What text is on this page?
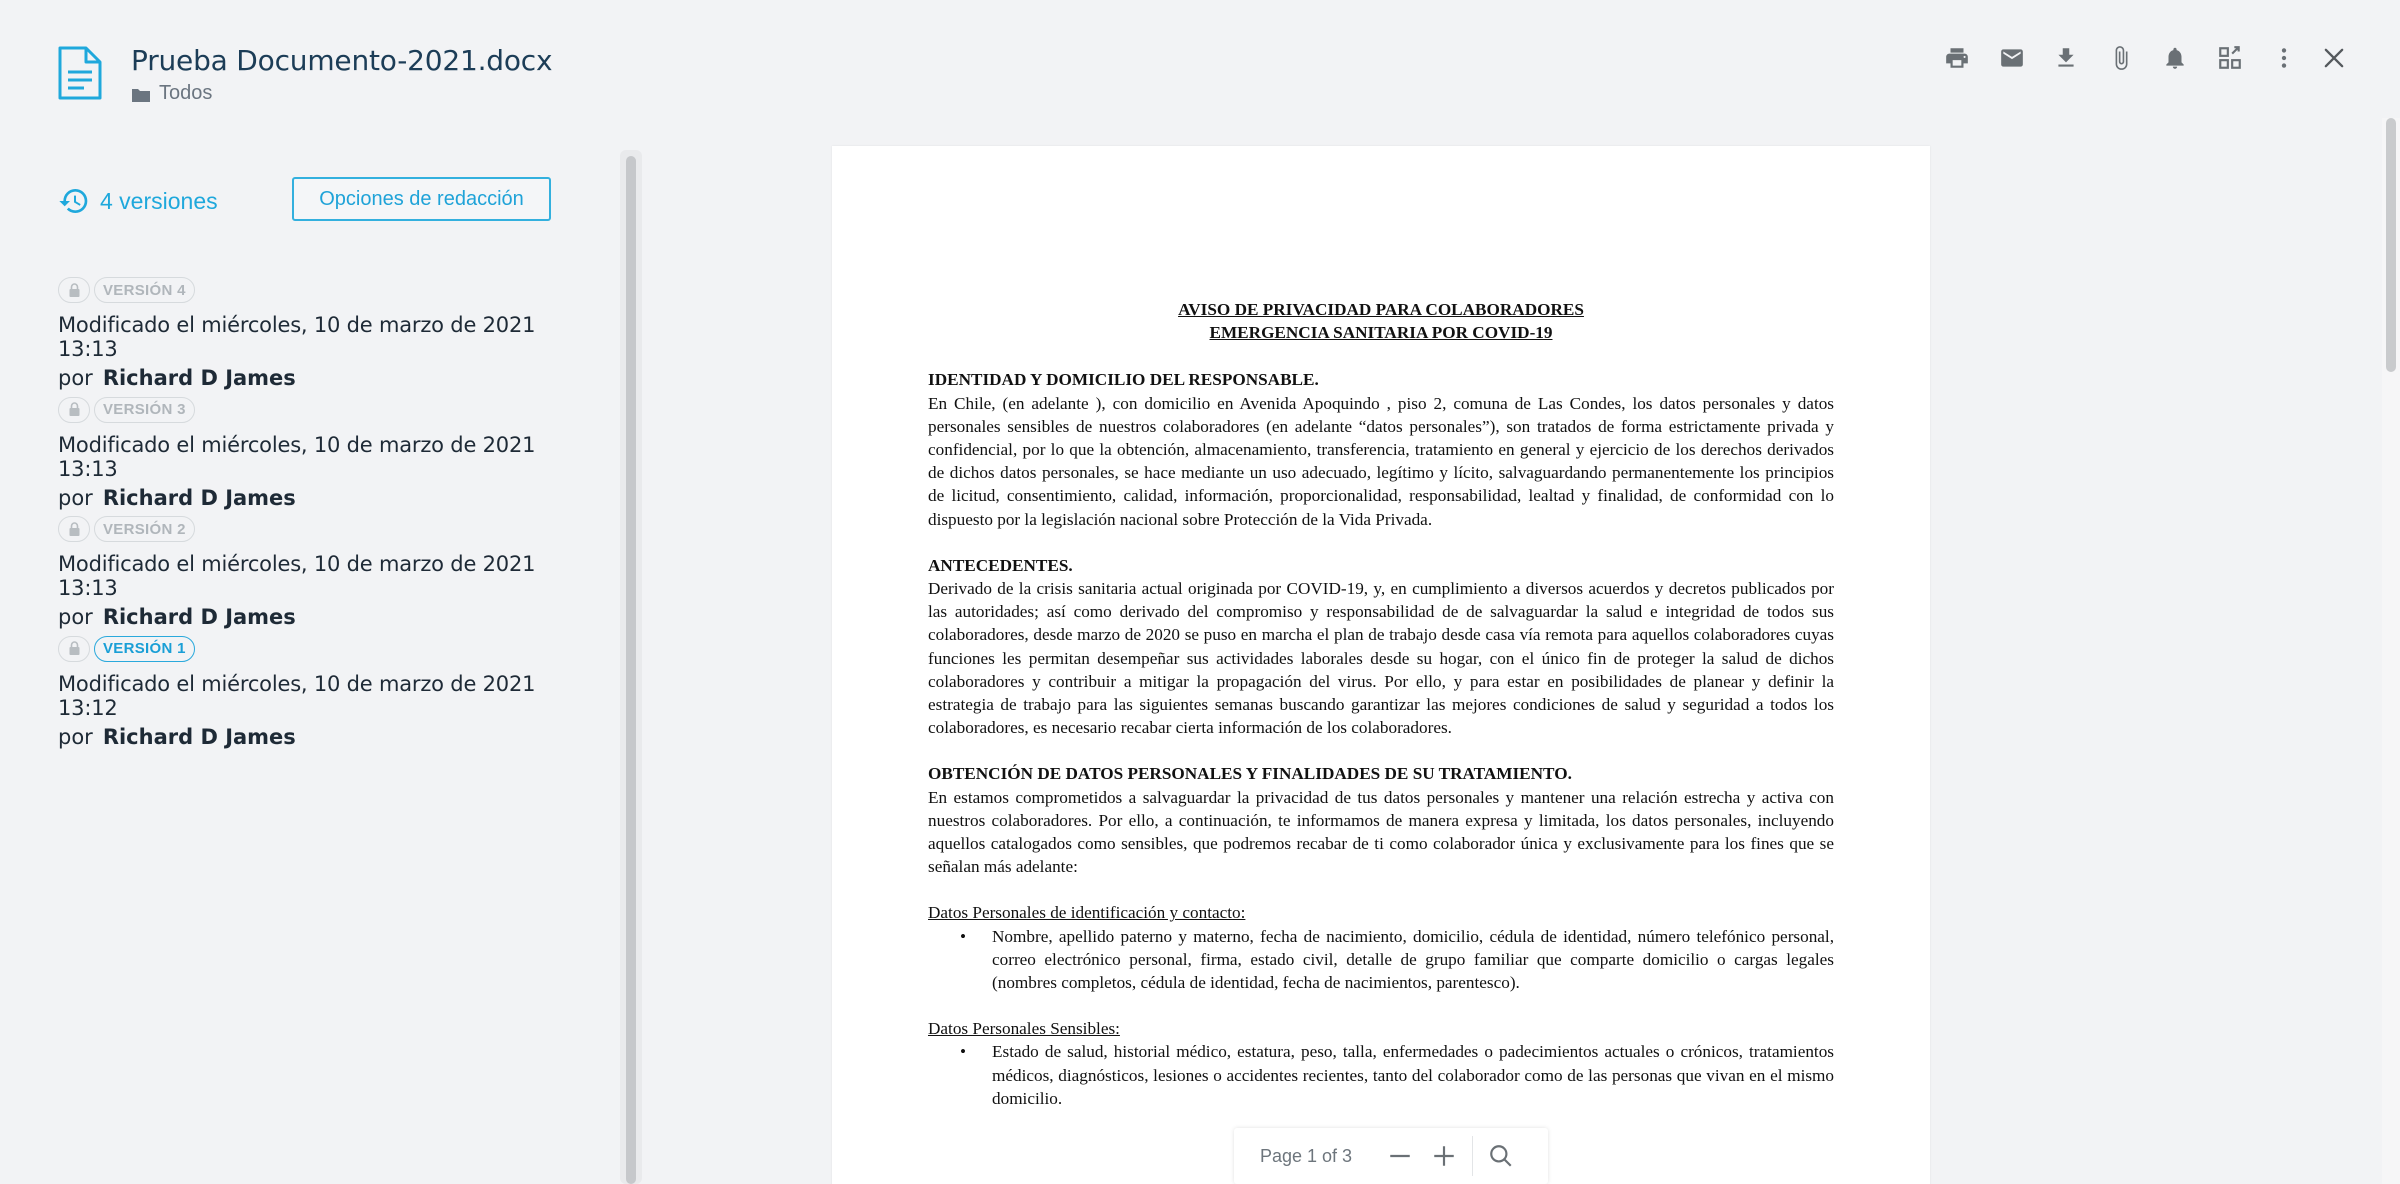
Prueba Documento-2021.docx
Todos
4 versiones	Opciones de redacción
VERSIÓN 4
Modificado el miércoles, 10 de marzo de 2021 13:13
por Richard D James
VERSIÓN 3
Modificado el miércoles, 10 de marzo de 2021 13:13
por Richard D James
VERSIÓN 2
Modificado el miércoles, 10 de marzo de 2021 13:13
por Richard D James
VERSIÓN 1
Modificado el miércoles, 10 de marzo de 2021 13:12
por Richard D James
AVISO DE PRIVACIDAD PARA COLABORADORES
EMERGENCIA SANITARIA POR COVID-19
IDENTIDAD Y DOMICILIO DEL RESPONSABLE.
En Chile, (en adelante ), con domicilio en Avenida Apoquindo , piso 2, comuna de Las Condes, los datos personales y datos personales sensibles de nuestros colaboradores (en adelante “datos personales”), son tratados de forma estrictamente privada y confidencial, por lo que la obtención, almacenamiento, transferencia, tratamiento en general y ejercicio de los derechos derivados de dichos datos personales, se hace mediante un uso adecuado, legítimo y lícito, salvaguardando permanentemente los principios de licitud, consentimiento, calidad, información, proporcionalidad, responsabilidad, lealtad y finalidad, de conformidad con lo dispuesto por la legislación nacional sobre Protección de la Vida Privada.
ANTECEDENTES.
Derivado de la crisis sanitaria actual originada por COVID-19, y, en cumplimiento a diversos acuerdos y decretos publicados por las autoridades; así como derivado del compromiso y responsabilidad de de salvaguardar la salud e integridad de todos sus colaboradores, desde marzo de 2020 se puso en marcha el plan de trabajo desde casa vía remota para aquellos colaboradores cuyas funciones les permitan desempeñar sus actividades laborales desde su hogar, con el único fin de proteger la salud de dichos colaboradores y contribuir a mitigar la propagación del virus. Por ello, y para estar en posibilidades de planear y definir la estrategia de trabajo para las siguientes semanas buscando garantizar las mejores condiciones de salud y seguridad a todos los colaboradores, es necesario recabar cierta información de los colaboradores.
OBTENCIÓN DE DATOS PERSONALES Y FINALIDADES DE SU TRATAMIENTO.
En estamos comprometidos a salvaguardar la privacidad de tus datos personales y mantener una relación estrecha y activa con nuestros colaboradores. Por ello, a continuación, te informamos de manera expresa y limitada, los datos personales, incluyendo aquellos catalogados como sensibles, que podremos recabar de ti como colaborador única y exclusivamente para los fines que se señalan más adelante:
Datos Personales de identificación y contacto:
•	Nombre, apellido paterno y materno, fecha de nacimiento, domicilio, cédula de identidad, número telefónico personal, correo electrónico personal, firma, estado civil, detalle de grupo familiar que comparte domicilio o cargas legales (nombres completos, cédula de identidad, fecha de nacimientos, parentesco).
Datos Personales Sensibles:
•	Estado de salud, historial médico, estatura, peso, talla, enfermedades o padecimientos actuales o crónicos, tratamientos médicos, diagnósticos, lesiones o accidentes recientes, tanto del colaborador como de las personas que vivan en el mismo domicilio.
Page 1 of 3
